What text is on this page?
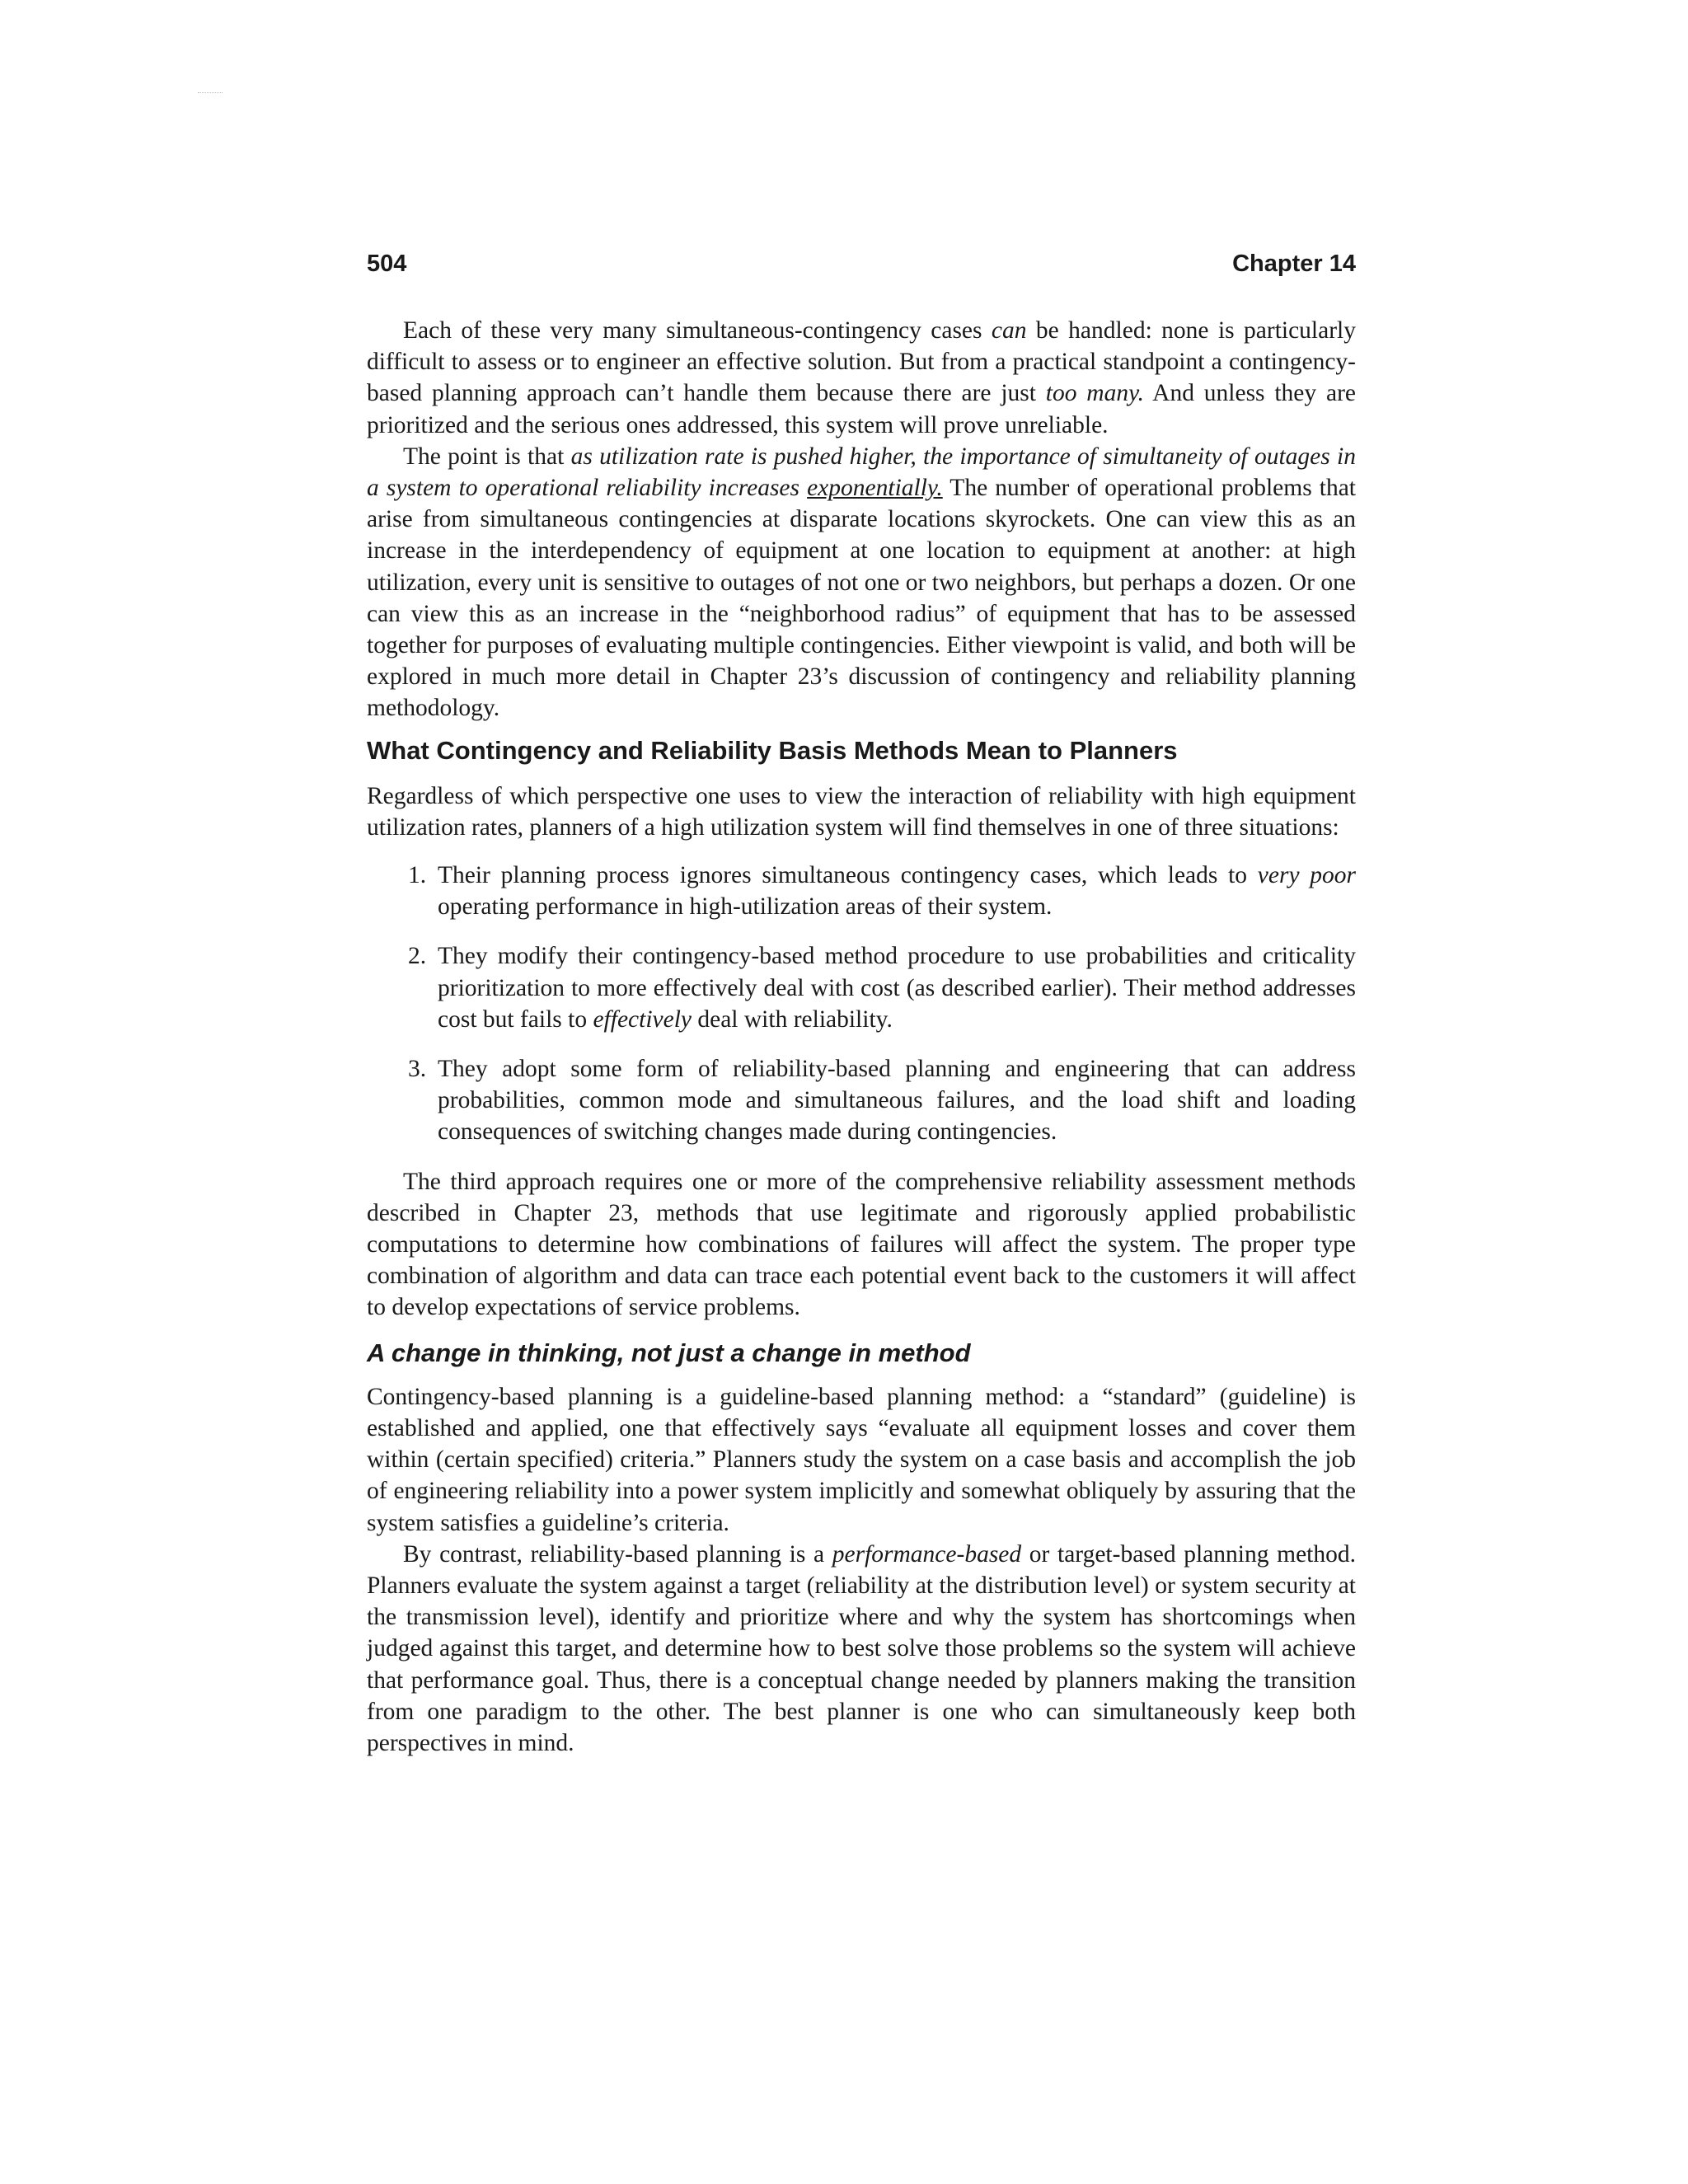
504	Chapter 14

Each of these very many simultaneous-contingency cases can be handled: none is particularly difficult to assess or to engineer an effective solution. But from a practical standpoint a contingency-based planning approach can’t handle them because there are just too many. And unless they are prioritized and the serious ones addressed, this system will prove unreliable.

The point is that as utilization rate is pushed higher, the importance of simultaneity of outages in a system to operational reliability increases exponentially. The number of operational problems that arise from simultaneous contingencies at disparate locations skyrockets. One can view this as an increase in the interdependency of equipment at one location to equipment at another: at high utilization, every unit is sensitive to outages of not one or two neighbors, but perhaps a dozen. Or one can view this as an increase in the “neighborhood radius” of equipment that has to be assessed together for purposes of evaluating multiple contingencies. Either viewpoint is valid, and both will be explored in much more detail in Chapter 23’s discussion of contingency and reliability planning methodology.

What Contingency and Reliability Basis Methods Mean to Planners

Regardless of which perspective one uses to view the interaction of reliability with high equipment utilization rates, planners of a high utilization system will find themselves in one of three situations:

1. Their planning process ignores simultaneous contingency cases, which leads to very poor operating performance in high-utilization areas of their system.
2. They modify their contingency-based method procedure to use probabilities and criticality prioritization to more effectively deal with cost (as described earlier). Their method addresses cost but fails to effectively deal with reliability.
3. They adopt some form of reliability-based planning and engineering that can address probabilities, common mode and simultaneous failures, and the load shift and loading consequences of switching changes made during contingencies.

The third approach requires one or more of the comprehensive reliability assessment methods described in Chapter 23, methods that use legitimate and rigorously applied probabilistic computations to determine how combinations of failures will affect the system. The proper type combination of algorithm and data can trace each potential event back to the customers it will affect to develop expectations of service problems.

A change in thinking, not just a change in method

Contingency-based planning is a guideline-based planning method: a “standard” (guideline) is established and applied, one that effectively says “evaluate all equipment losses and cover them within (certain specified) criteria.” Planners study the system on a case basis and accomplish the job of engineering reliability into a power system implicitly and somewhat obliquely by assuring that the system satisfies a guideline’s criteria.

By contrast, reliability-based planning is a performance-based or target-based planning method. Planners evaluate the system against a target (reliability at the distribution level) or system security at the transmission level), identify and prioritize where and why the system has shortcomings when judged against this target, and determine how to best solve those problems so the system will achieve that performance goal. Thus, there is a conceptual change needed by planners making the transition from one paradigm to the other. The best planner is one who can simultaneously keep both perspectives in mind.
